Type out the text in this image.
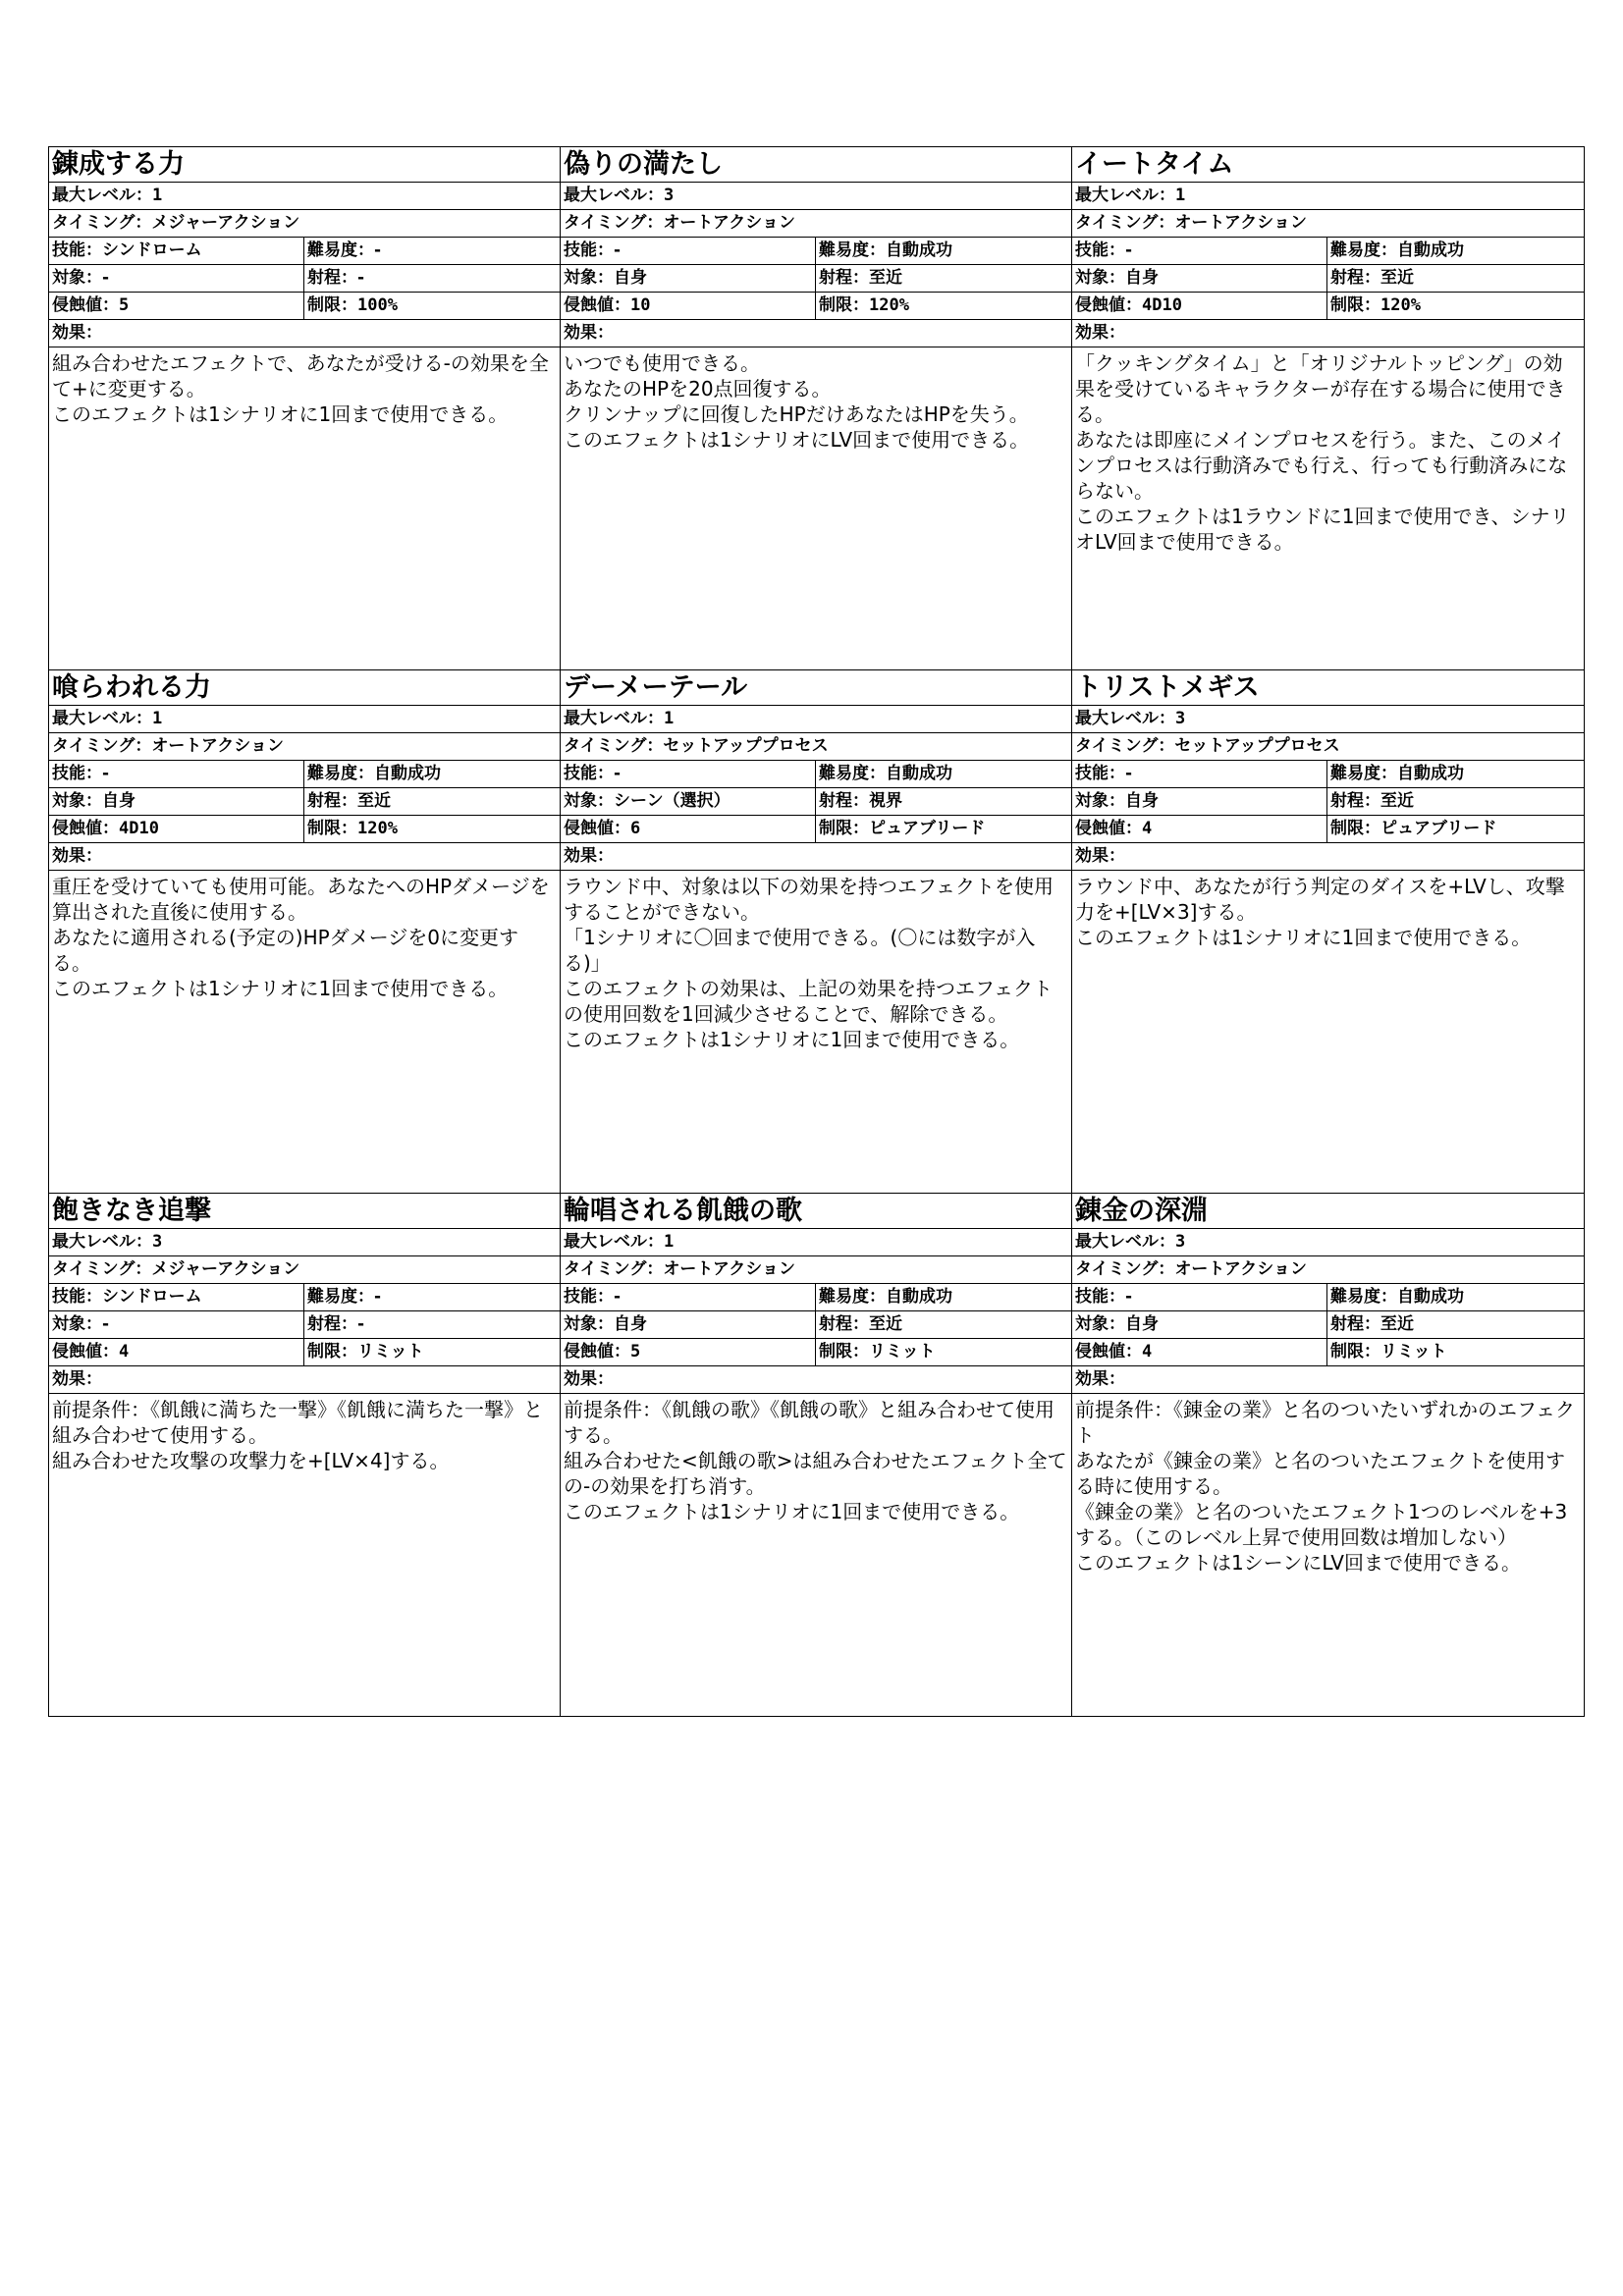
錬成する力
最大レベル：1
タイミング：メジャーアクション
技能：シンドローム	難易度：-
対象：-	射程：-
侵蝕値：5	制限：100%
効果：
組み合わせたエフェクトで、あなたが受ける-の効果を全て+に変更する。
このエフェクトは1シナリオに1回まで使用できる。
偽りの満たし
最大レベル：3
タイミング：オートアクション
技能：-	難易度：自動成功
対象：自身	射程：至近
侵蝕値：10	制限：120%
効果：
いつでも使用できる。
あなたのHPを20点回復する。
クリンナップに回復したHPだけあなたはHPを失う。
このエフェクトは1シナリオにLV回まで使用できる。
イートタイム
最大レベル：1
タイミング：オートアクション
技能：-	難易度：自動成功
対象：自身	射程：至近
侵蝕値：4D10	制限：120%
効果：
「クッキングタイム」と「オリジナルトッピング」の効果を受けているキャラクターが存在する場合に使用できる。
あなたは即座にメインプロセスを行う。また、このメインプロセスは行動済みでも行え、行っても行動済みにならない。
このエフェクトは1ラウンドに1回まで使用でき、シナリオLV回まで使用できる。
喰らわれる力
最大レベル：1
タイミング：オートアクション
技能：-	難易度：自動成功
対象：自身	射程：至近
侵蝕値：4D10	制限：120%
効果：
重圧を受けていても使用可能。あなたへのHPダメージを算出された直後に使用する。
あなたに適用される(予定の)HPダメージを0に変更する。
このエフェクトは1シナリオに1回まで使用できる。
デーメーテール
最大レベル：1
タイミング：セットアッププロセス
技能：-	難易度：自動成功
対象：シーン（選択）	射程：視界
侵蝕値：6	制限：ピュアブリード
効果：
ラウンド中、対象は以下の効果を持つエフェクトを使用することができない。
「1シナリオに〇回まで使用できる。(〇には数字が入る)」
このエフェクトの効果は、上記の効果を持つエフェクトの使用回数を1回減少させることで、解除できる。
このエフェクトは1シナリオに1回まで使用できる。
トリストメギス
最大レベル：3
タイミング：セットアッププロセス
技能：-	難易度：自動成功
対象：自身	射程：至近
侵蝕値：4	制限：ピュアブリード
効果：
ラウンド中、あなたが行う判定のダイスを+LVし、攻撃力を+[LV×3]する。
このエフェクトは1シナリオに1回まで使用できる。
飽きなき追撃
最大レベル：3
タイミング：メジャーアクション
技能：シンドローム	難易度：-
対象：-	射程：-
侵蝕値：4	制限：リミット
効果：
前提条件：《飢餓に満ちた一撃》《飢餓に満ちた一撃》と組み合わせて使用する。
組み合わせた攻撃の攻撃力を+[LV×4]する。
輪唱される飢餓の歌
最大レベル：1
タイミング：オートアクション
技能：-	難易度：自動成功
対象：自身	射程：至近
侵蝕値：5	制限：リミット
効果：
前提条件：《飢餓の歌》《飢餓の歌》と組み合わせて使用する。
組み合わせた<飢餓の歌>は組み合わせたエフェクト全ての-の効果を打ち消す。
このエフェクトは1シナリオに1回まで使用できる。
錬金の深淵
最大レベル：3
タイミング：オートアクション
技能：-	難易度：自動成功
対象：自身	射程：至近
侵蝕値：4	制限：リミット
効果：
前提条件：《錬金の業》と名のついたいずれかのエフェクト
あなたが《錬金の業》と名のついたエフェクトを使用する時に使用する。
《錬金の業》と名のついたエフェクト1つのレベルを+3する。（このレベル上昇で使用回数は増加しない）
このエフェクトは1シーンにLV回まで使用できる。
